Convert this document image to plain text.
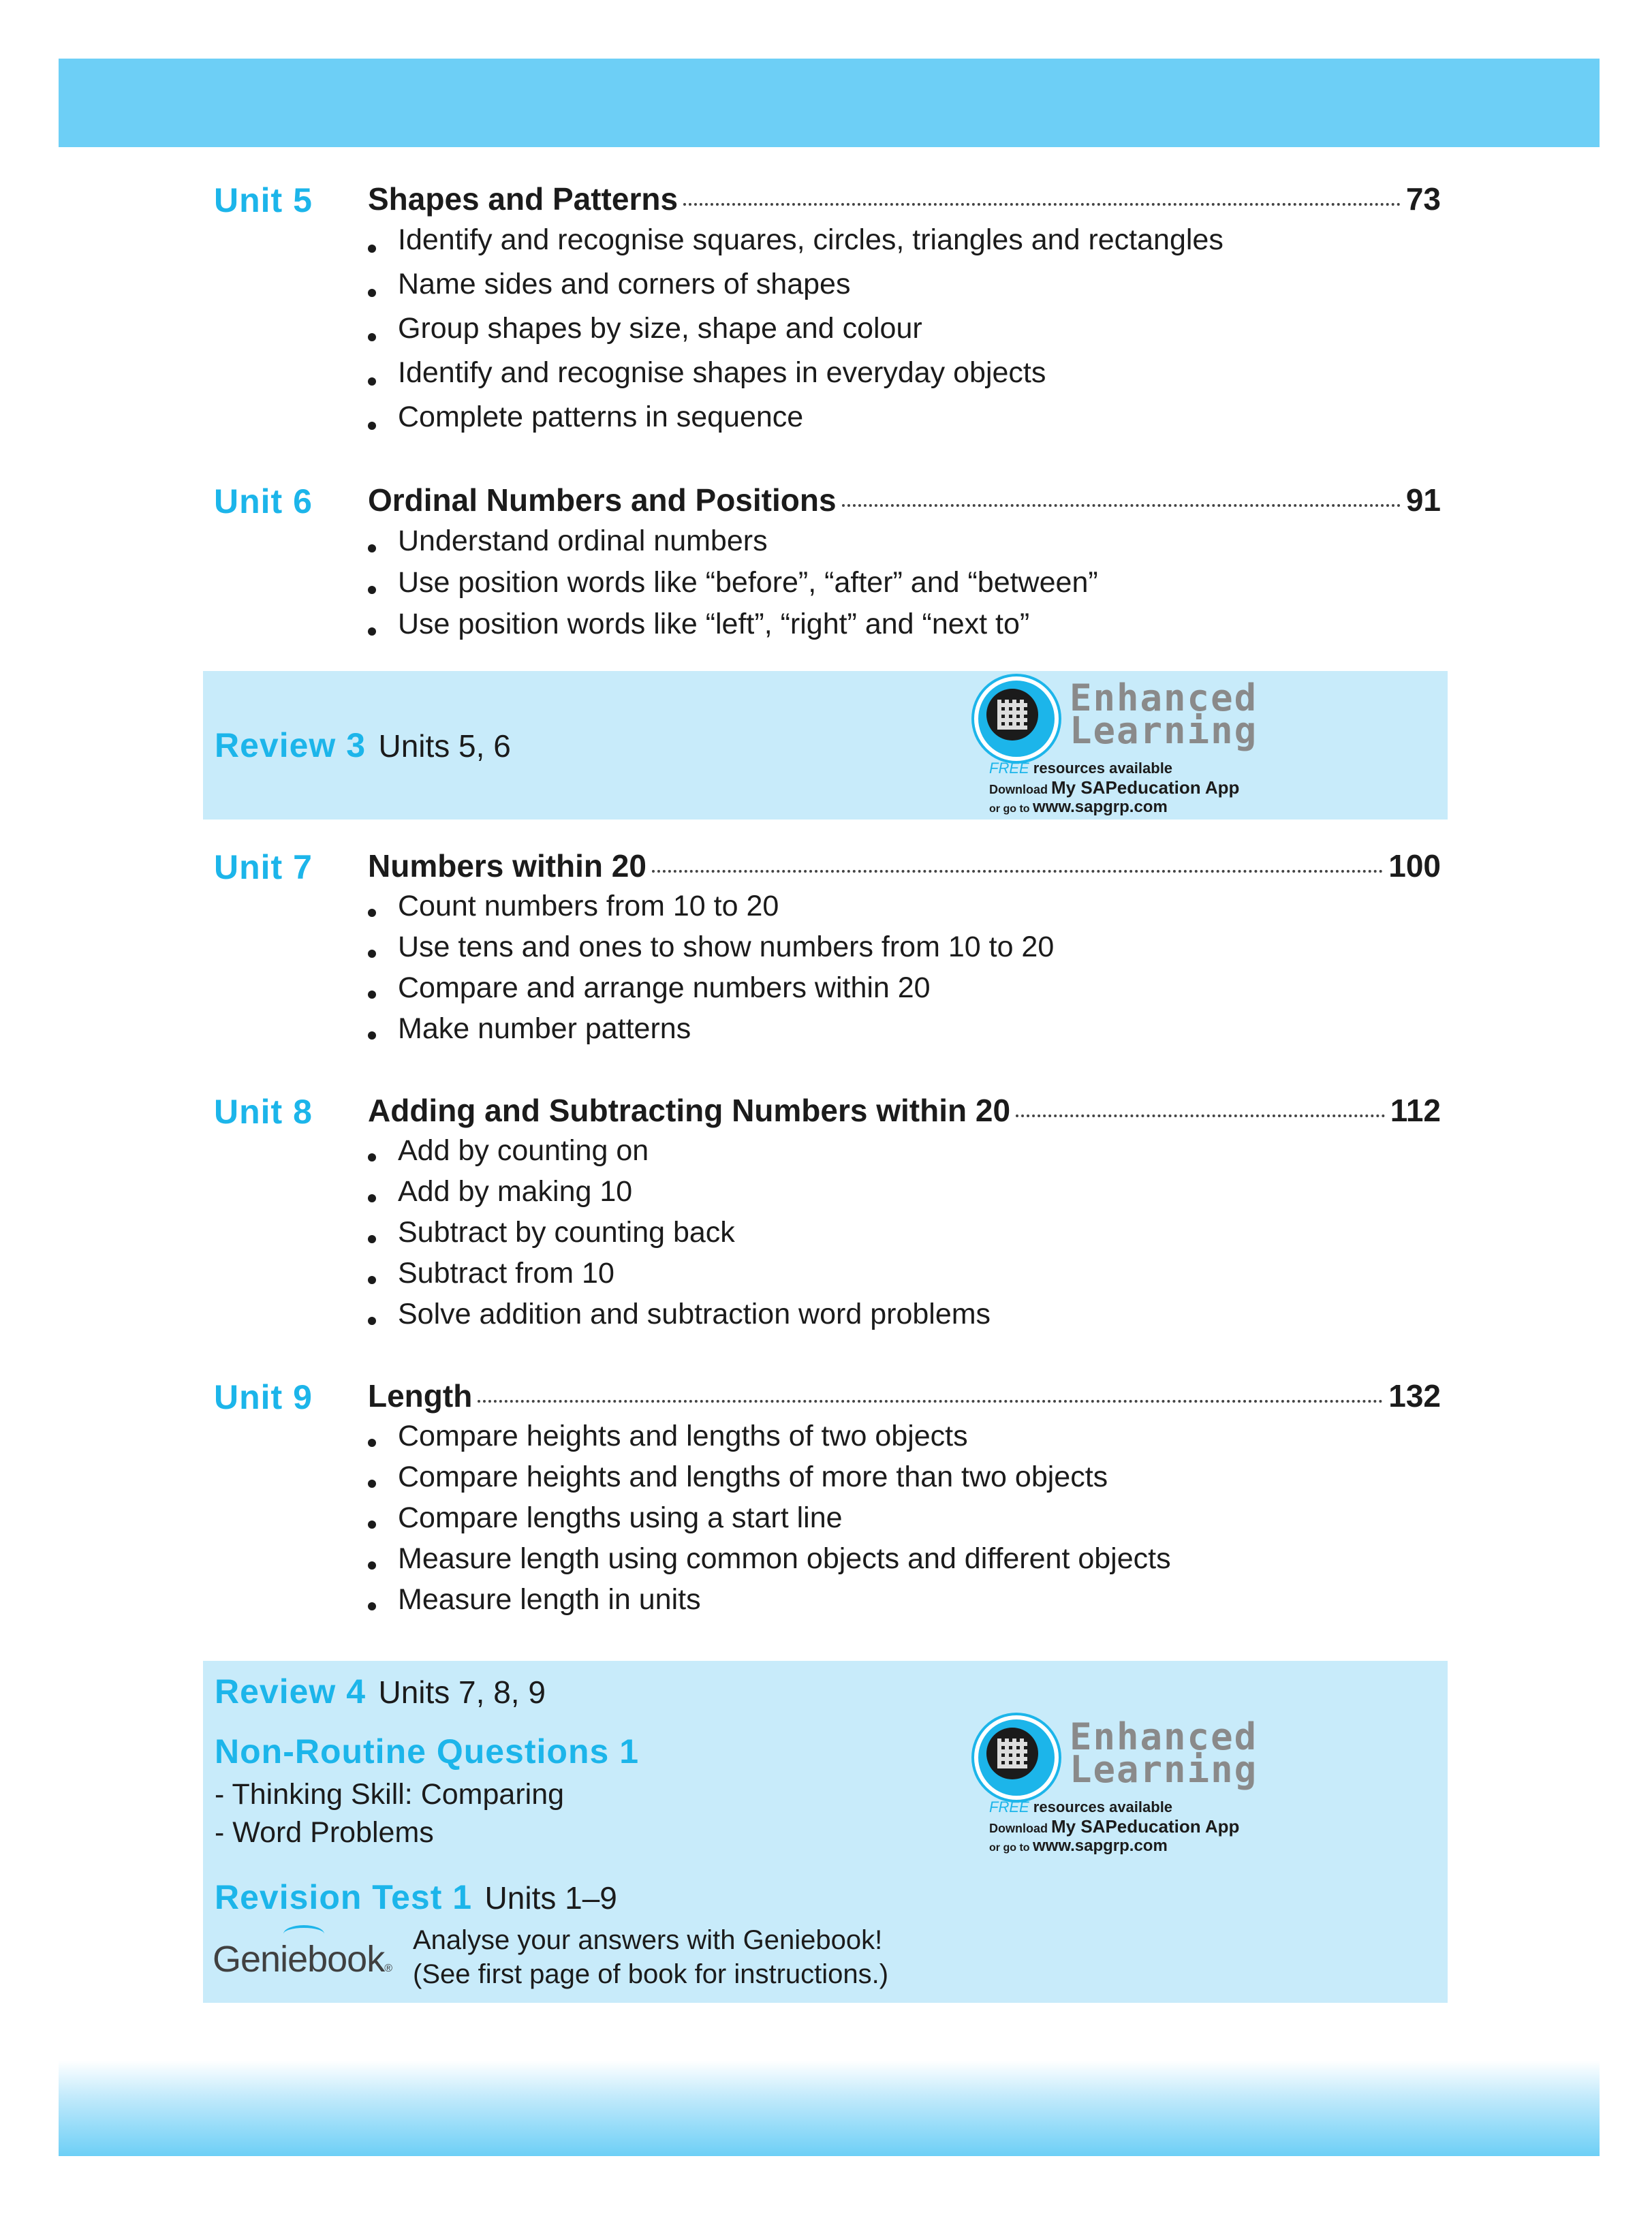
Unit 5 Shapes and Patterns	73
Identify and recognise squares, circles, triangles and rectangles
Name sides and corners of shapes
Group shapes by size, shape and colour
Identify and recognise shapes in everyday objects
Complete patterns in sequence
Unit 6 Ordinal Numbers and Positions	91
Understand ordinal numbers
Use position words like “before”, “after” and “between”
Use position words like “left”, “right” and “next to”
Review 3 Units 5, 6
Enhanced
Learning
FREE resources available
Download My SAPeducation App
or go to www.sapgrp.com
Unit 7 Numbers within 20	100
Count numbers from 10 to 20
Use tens and ones to show numbers from 10 to 20
Compare and arrange numbers within 20
Make number patterns
Unit 8 Adding and Subtracting Numbers within 20	112
Add by counting on
Add by making 10
Subtract by counting back
Subtract from 10
Solve addition and subtraction word problems
Unit 9 Length	132
Compare heights and lengths of two objects
Compare heights and lengths of more than two objects
Compare lengths using a start line
Measure length using common objects and different objects
Measure length in units
Review 4 Units 7, 8, 9
Non-Routine Questions 1
- Thinking Skill: Comparing
- Word Problems
Revision Test 1 Units 1–9
Geniebook®
Analyse your answers with Geniebook!
(See first page of book for instructions.)
Enhanced
Learning
FREE resources available
Download My SAPeducation App
or go to www.sapgrp.com
